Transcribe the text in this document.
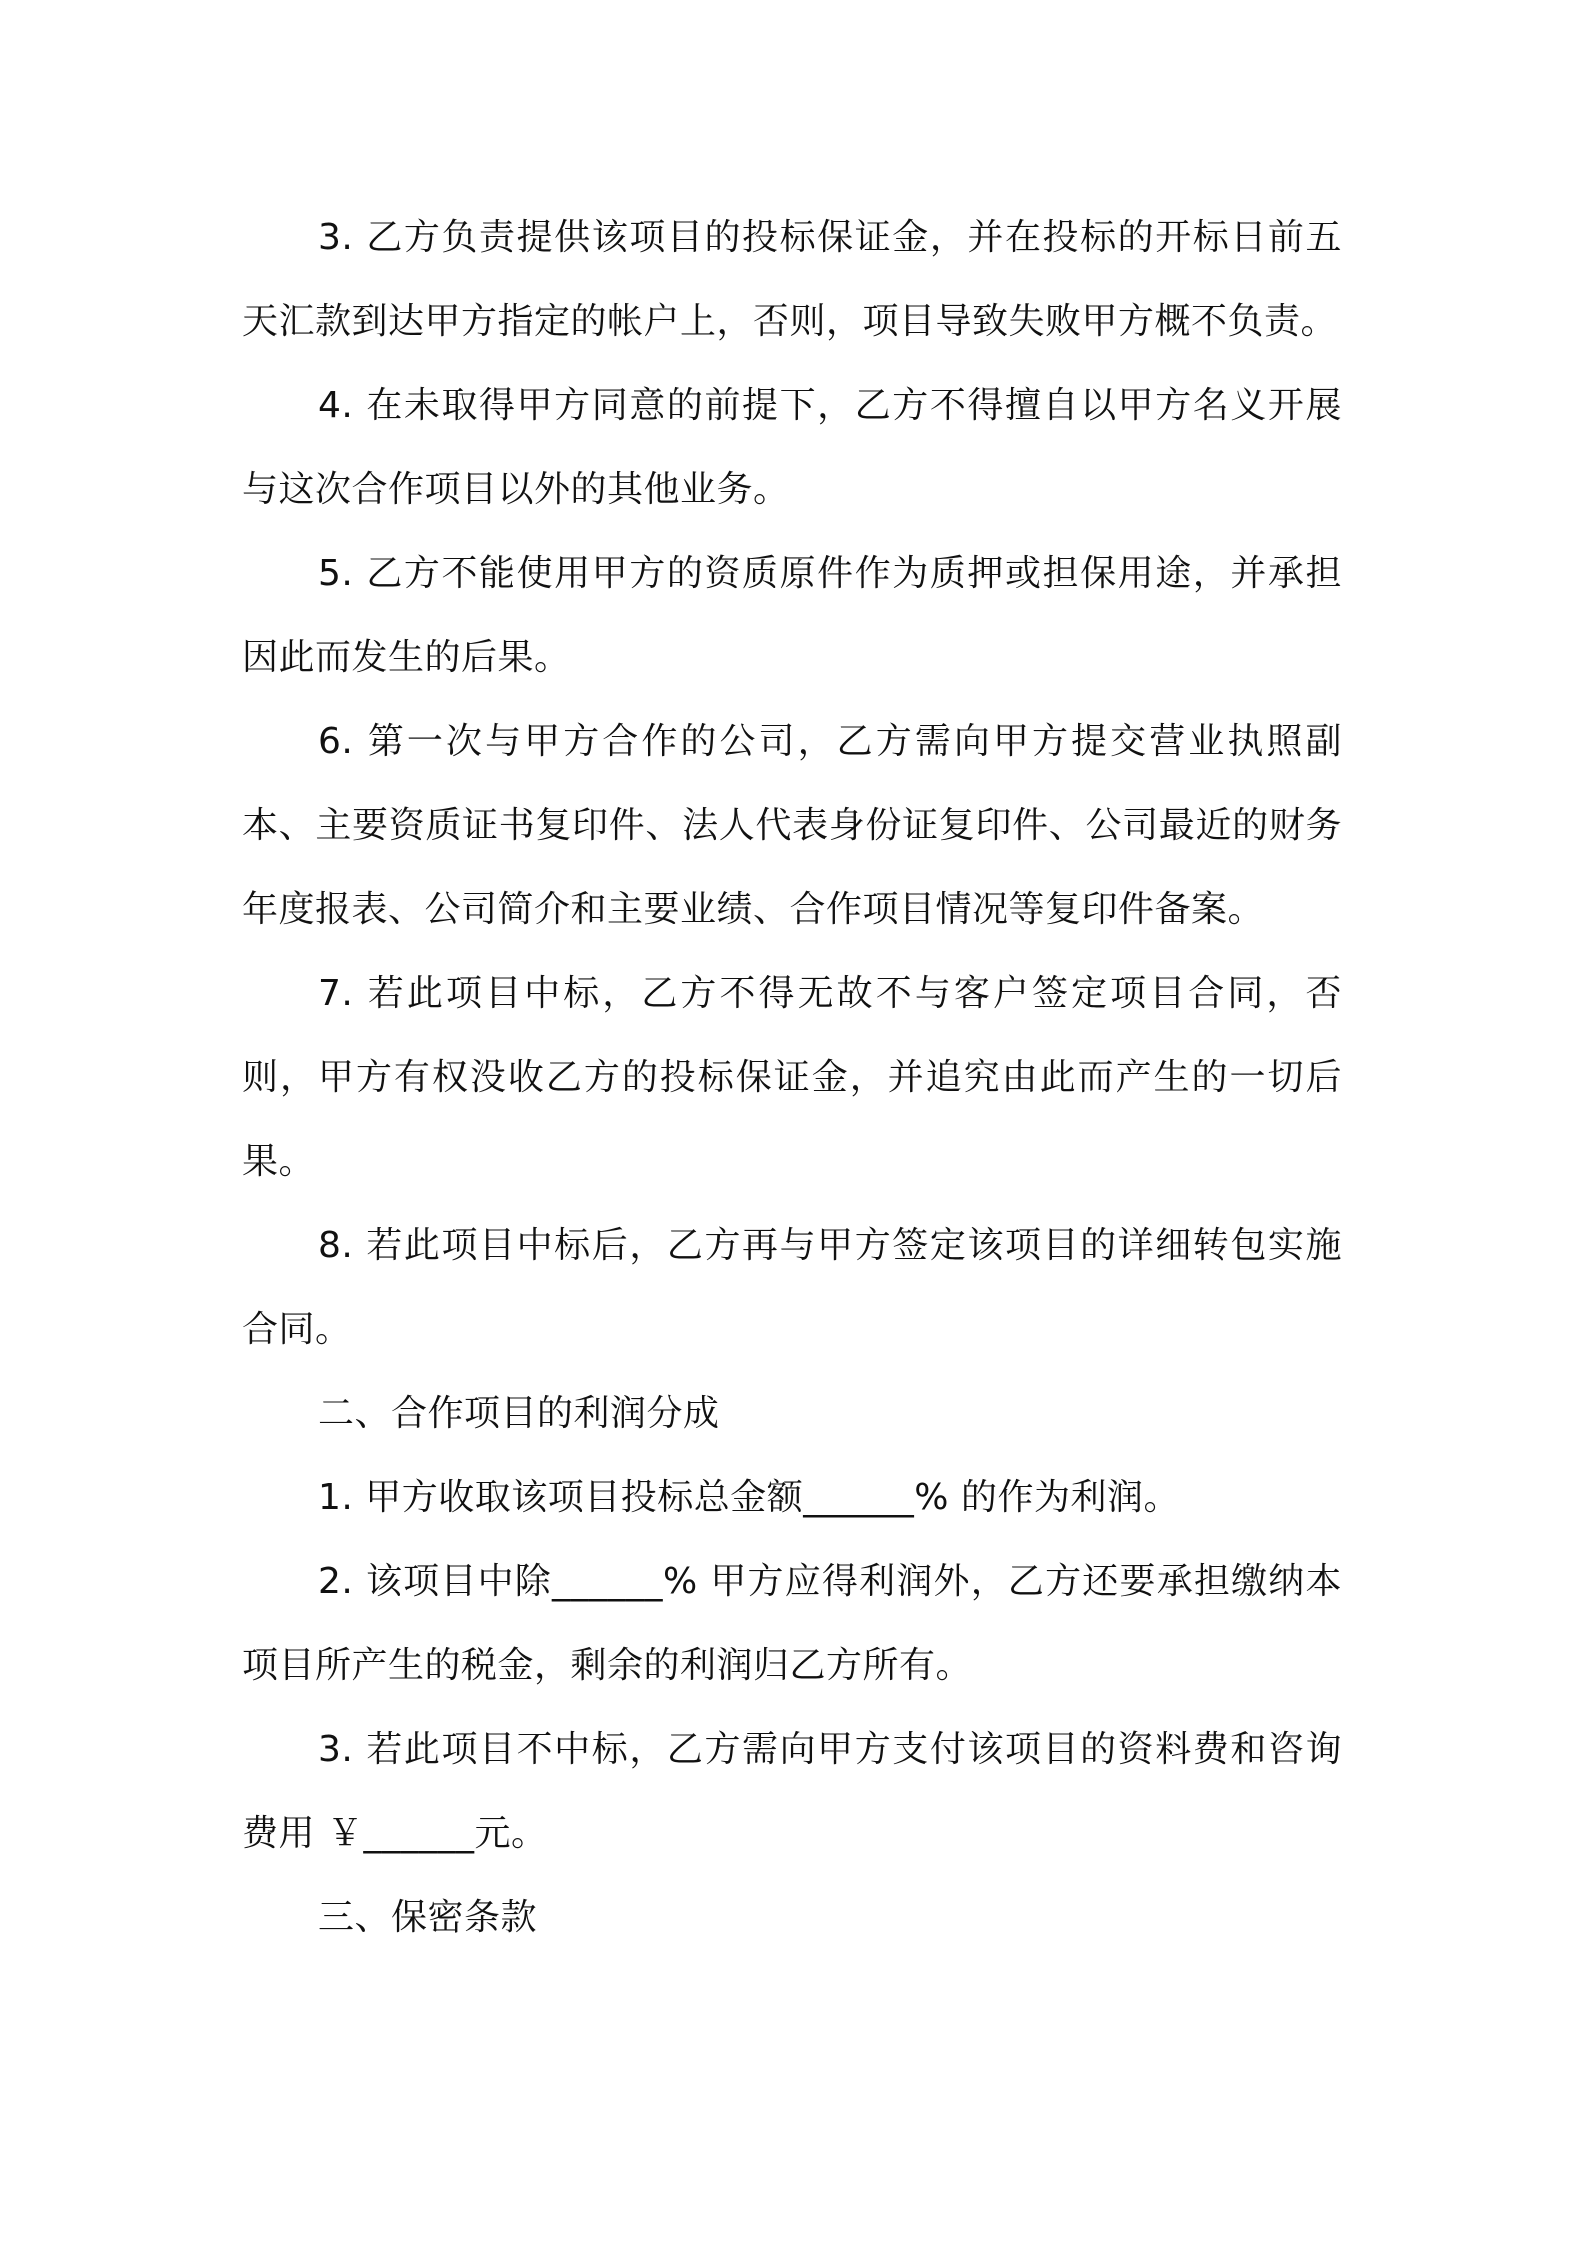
3. 乙方负责提供该项目的投标保证金，并在投标的开标日前五天汇款到达甲方指定的帐户上，否则，项目导致失败甲方概不负责。

4. 在未取得甲方同意的前提下，乙方不得擅自以甲方名义开展与这次合作项目以外的其他业务。

5. 乙方不能使用甲方的资质原件作为质押或担保用途，并承担因此而发生的后果。

6. 第一次与甲方合作的公司，乙方需向甲方提交营业执照副本、主要资质证书复印件、法人代表身份证复印件、公司最近的财务年度报表、公司简介和主要业绩、合作项目情况等复印件备案。

7. 若此项目中标，乙方不得无故不与客户签定项目合同，否则，甲方有权没收乙方的投标保证金，并追究由此而产生的一切后果。

8. 若此项目中标后，乙方再与甲方签定该项目的详细转包实施合同。

二、合作项目的利润分成

1. 甲方收取该项目投标总金额______% 的作为利润。

2. 该项目中除______% 甲方应得利润外，乙方还要承担缴纳本项目所产生的税金，剩余的利润归乙方所有。

3. 若此项目不中标，乙方需向甲方支付该项目的资料费和咨询费用 ￥______元。

三、保密条款
